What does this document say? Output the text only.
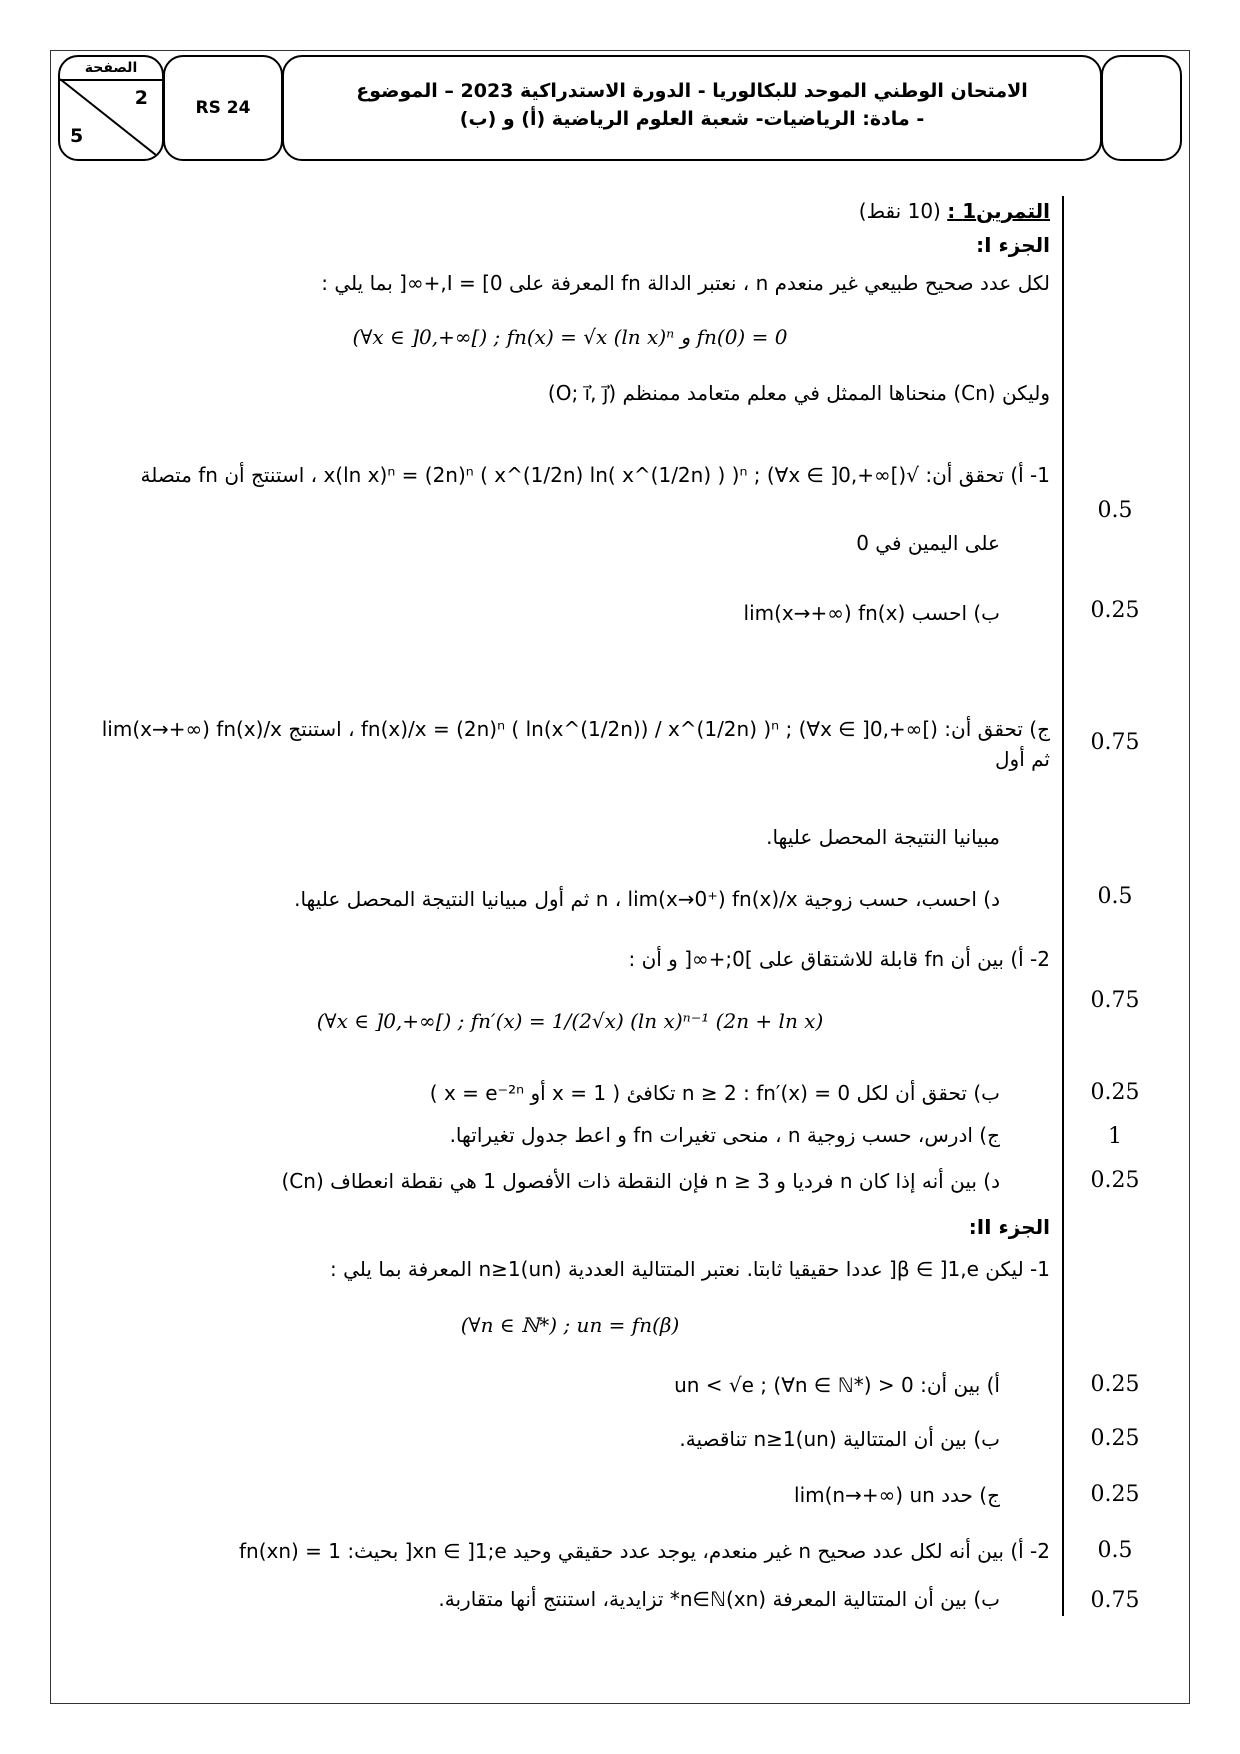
الصفحة
2
5
RS 24
الامتحان الوطني الموحد للبكالوريا - الدورة الاستدراكية 2023 – الموضوع
- مادة: الرياضيات- شعبة العلوم الرياضية (أ) و (ب)
التمرين1 : (10 نقط)
الجزء I:
لكل عدد صحيح طبيعي غير منعدم n ، نعتبر الدالة fn المعرفة على I = [0,+∞[ بما يلي :
(∀x ∈ ]0,+∞[) ; fn(x) = √x (ln x)ⁿ و fn(0) = 0
وليكن (Cn) منحناها الممثل في معلم متعامد ممنظم (O; i⃗, j⃗)
1- أ) تحقق أن: √x(ln x)ⁿ = (2n)ⁿ ( x^(1/2n) ln( x^(1/2n) ) )ⁿ ; (∀x ∈ ]0,+∞[) ، استنتج أن fn متصلة
على اليمين في 0
0.5
ب) احسب lim(x→+∞) fn(x)	0.25
ج) تحقق أن: fn(x)/x = (2n)ⁿ ( ln(x^(1/2n)) / x^(1/2n) )ⁿ ; (∀x ∈ ]0,+∞[) ، استنتج lim(x→+∞) fn(x)/x ثم أول
مبيانيا النتيجة المحصل عليها.
0.75
د) احسب، حسب زوجية n ، lim(x→0⁺) fn(x)/x ثم أول مبيانيا النتيجة المحصل عليها.	0.5
2- أ) بين أن fn قابلة للاشتقاق على ]0;+∞[ و أن :
(∀x ∈ ]0,+∞[) ; fn′(x) = 1/(2√x) (ln x)ⁿ⁻¹ (2n + ln x)
0.75
ب) تحقق أن لكل n ≥ 2 : fn′(x) = 0 تكافئ ( x = 1 أو x = e⁻²ⁿ )	0.25
ج) ادرس، حسب زوجية n ، منحى تغيرات fn و اعط جدول تغيراتها.	1
د) بين أنه إذا كان n فرديا و n ≥ 3 فإن النقطة ذات الأفصول 1 هي نقطة انعطاف (Cn)	0.25
الجزء II:
1- ليكن β ∈ ]1,e[ عددا حقيقيا ثابتا. نعتبر المتتالية العددية (un)n≥1 المعرفة بما يلي :
(∀n ∈ ℕ*) ; un = fn(β)
أ) بين أن: 0 < un < √e ; (∀n ∈ ℕ*)	0.25
ب) بين أن المتتالية (un)n≥1 تناقصية.	0.25
ج) حدد lim(n→+∞) un	0.25
2- أ) بين أنه لكل عدد صحيح n غير منعدم، يوجد عدد حقيقي وحيد xn ∈ ]1;e[ بحيث: fn(xn) = 1	0.5
ب) بين أن المتتالية المعرفة (xn)n∈ℕ* تزايدية، استنتج أنها متقاربة.	0.75
